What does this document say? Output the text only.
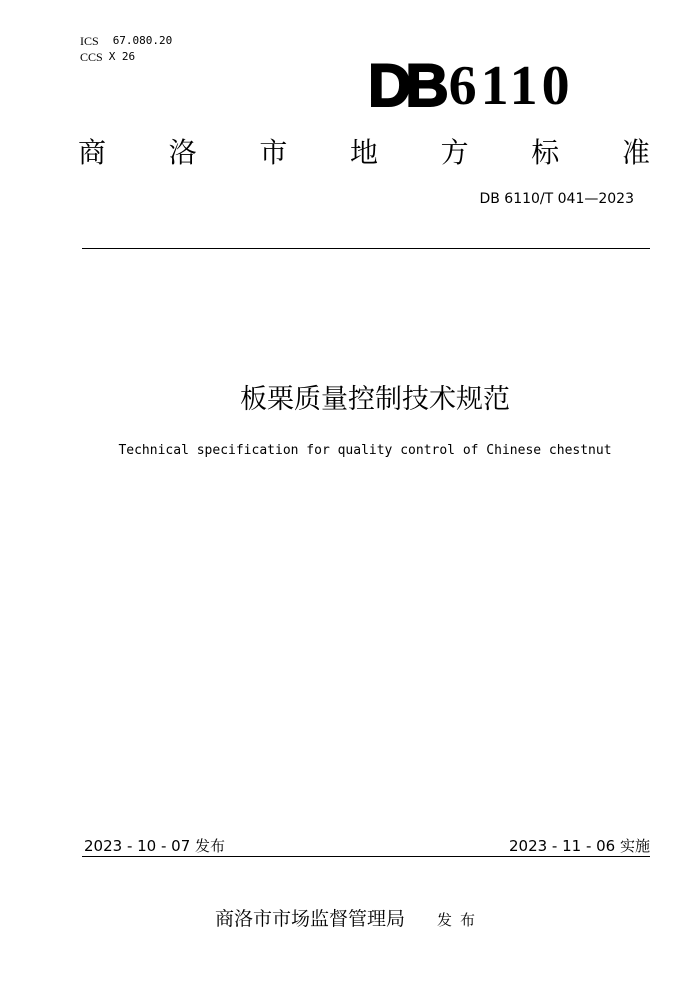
ICS 67.080.20
CCS X 26	DB 6110
商 洛 市 地 方 标 准
DB 6110/T 041—2023
板栗质量控制技术规范
Technical specification for quality control of Chinese chestnut
2023 - 10 - 07 发布	2023 - 11 - 06 实施
商洛市市场监督管理局 发布
